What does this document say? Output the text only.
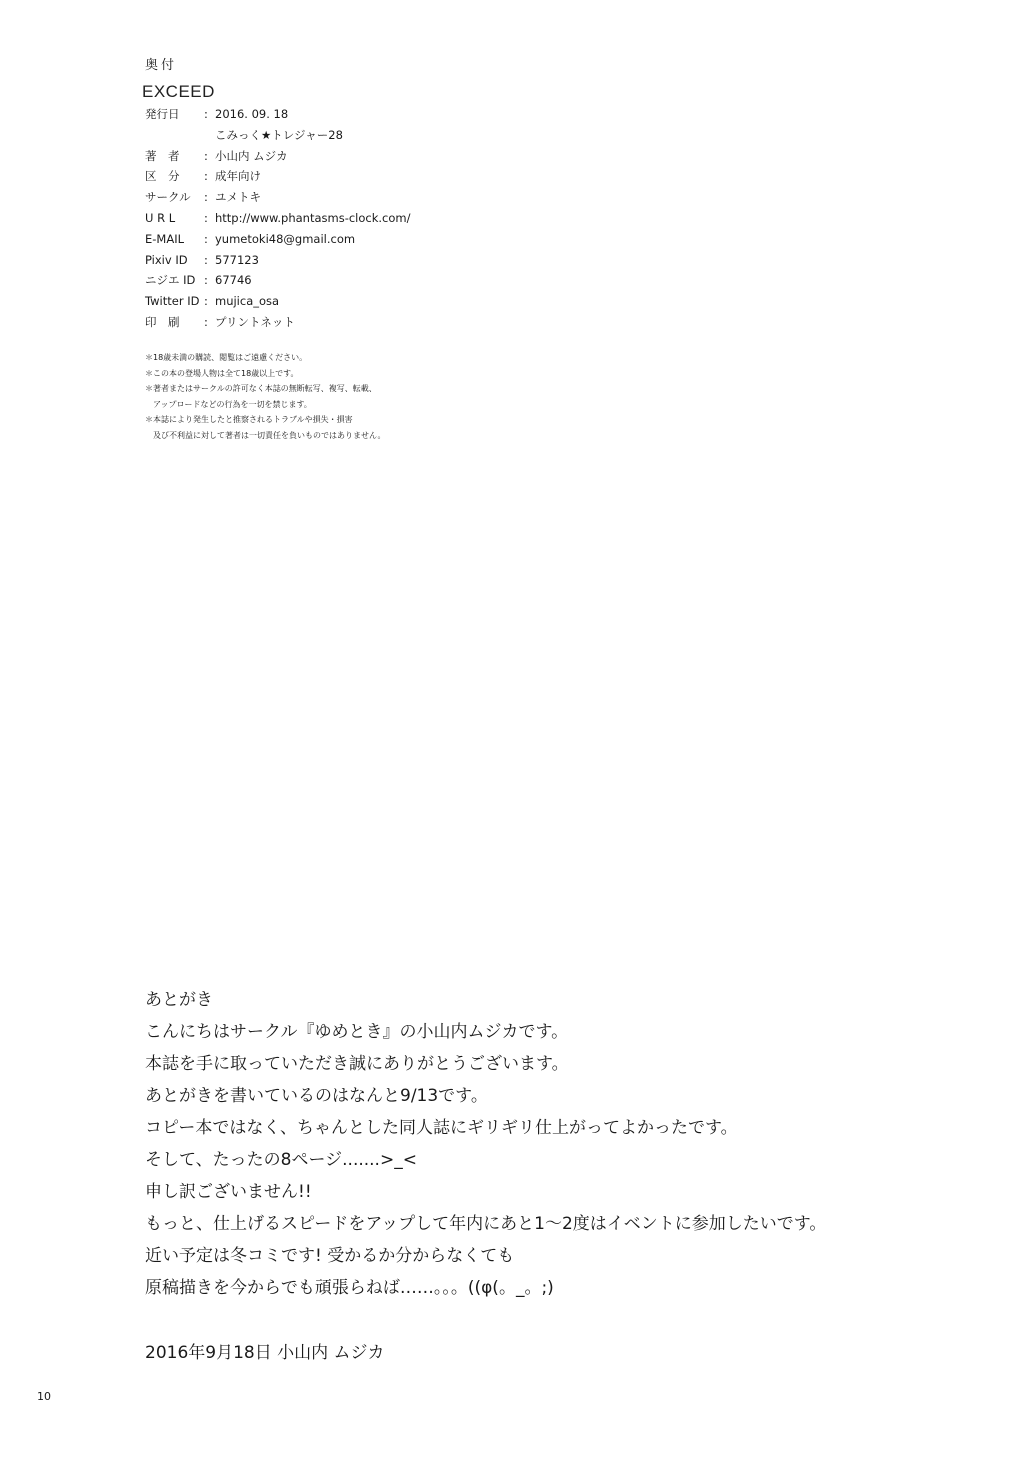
奥付
EXCEED
発行日	: 2016. 09. 18
こみっく★トレジャー28
著　者	: 小山内 ムジカ
区　分	: 成年向け
サークル	: ユメトキ
U R L	: http://www.phantasms-clock.com/
E-MAIL	: yumetoki48@gmail.com
Pixiv ID	: 577123
ニジエ ID : 67746
Twitter ID : mujica_osa
印　刷	: プリントネット
＊18歳未満の購読、閲覧はご遠慮ください。
＊この本の登場人物は全て18歳以上です。
＊著者またはサークルの許可なく本誌の無断転写、複写、転載、
　アップロードなどの行為を一切を禁じます。
＊本誌により発生したと推察されるトラブルや損失・損害
　及び不利益に対して著者は一切責任を負いものではありません。
あとがき
こんにちはサークル『ゆめとき』の小山内ムジカです。
本誌を手に取っていただき誠にありがとうございます。
あとがきを書いているのはなんと9/13です。
コピー本ではなく、ちゃんとした同人誌にギリギリ仕上がってよかったです。
そして、たったの8ページ.......>_<
申し訳ございません!!
もっと、仕上げるスピードをアップして年内にあと1～2度はイベントに参加したいです。
近い予定は冬コミです! 受かるか分からなくても
原稿描きを今からでも頑張らねば……。。。((φ(。_。;)
2016年9月18日 小山内 ムジカ
10
